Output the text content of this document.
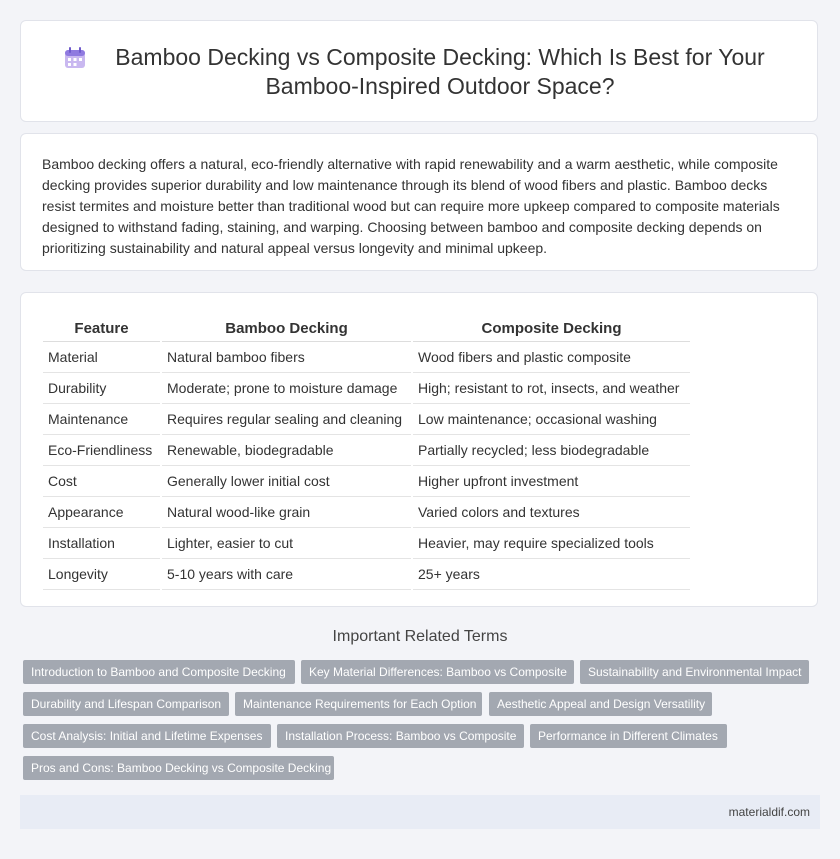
Bamboo Decking vs Composite Decking: Which Is Best for Your Bamboo-Inspired Outdoor Space?

Bamboo decking offers a natural, eco-friendly alternative with rapid renewability and a warm aesthetic, while composite decking provides superior durability and low maintenance through its blend of wood fibers and plastic. Bamboo decks resist termites and moisture better than traditional wood but can require more upkeep compared to composite materials designed to withstand fading, staining, and warping. Choosing between bamboo and composite decking depends on prioritizing sustainability and natural appeal versus longevity and minimal upkeep.

Feature		Bamboo Decking		Composite Decking
Material		Natural bamboo fibers		Wood fibers and plastic composite
Durability		Moderate; prone to moisture damage		High; resistant to rot, insects, and weather
Maintenance		Requires regular sealing and cleaning		Low maintenance; occasional washing
Eco-Friendliness		Renewable, biodegradable		Partially recycled; less biodegradable
Cost		Generally lower initial cost		Higher upfront investment
Appearance		Natural wood-like grain		Varied colors and textures
Installation		Lighter, easier to cut		Heavier, may require specialized tools
Longevity		5-10 years with care		25+ years
Important Related Terms
Introduction to Bamboo and Composite Decking	Key Material Differences: Bamboo vs Composite	Sustainability and Environmental Impact
Durability and Lifespan Comparison	Maintenance Requirements for Each Option	Aesthetic Appeal and Design Versatility
Cost Analysis: Initial and Lifetime Expenses	Installation Process: Bamboo vs Composite	Performance in Different Climates
Pros and Cons: Bamboo Decking vs Composite Decking
materialdif.com
